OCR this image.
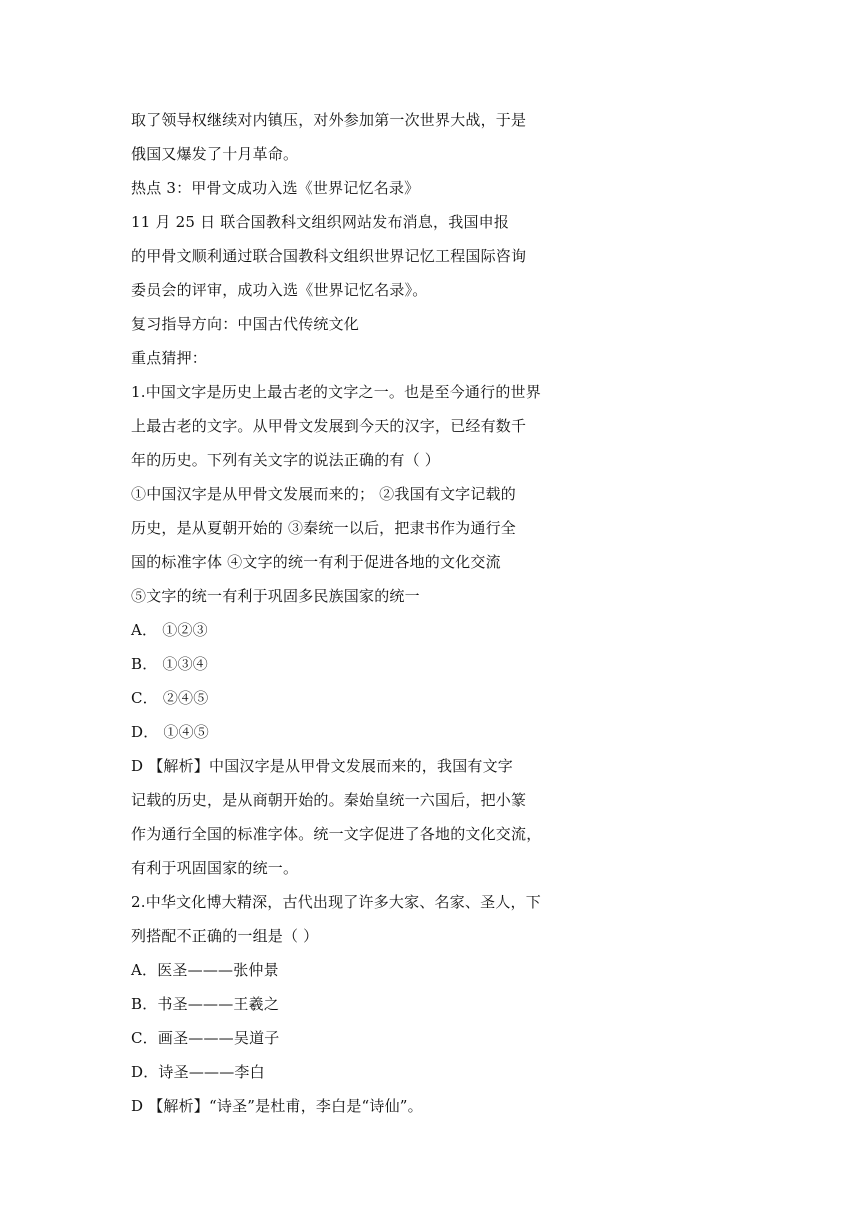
取了领导权继续对内镇压，对外参加第一次世界大战，于是
俄国又爆发了十月革命。
热点 3：甲骨文成功入选《世界记忆名录》
11 月 25 日 联合国教科文组织网站发布消息，我国申报
的甲骨文顺利通过联合国教科文组织世界记忆工程国际咨询
委员会的评审，成功入选《世界记忆名录》。
复习指导方向：中国古代传统文化
重点猜押：
1.中国文字是历史上最古老的文字之一。也是至今通行的世界
上最古老的文字。从甲骨文发展到今天的汉字，已经有数千
年的历史。下列有关文字的说法正确的有（ ）
①中国汉字是从甲骨文发展而来的； ②我国有文字记载的
历史，是从夏朝开始的 ③秦统一以后，把隶书作为通行全
国的标准字体 ④文字的统一有利于促进各地的文化交流
⑤文字的统一有利于巩固多民族国家的统一
A． ①②③
B． ①③④
C． ②④⑤
D． ①④⑤
D 【解析】中国汉字是从甲骨文发展而来的，我国有文字
记载的历史，是从商朝开始的。秦始皇统一六国后，把小篆
作为通行全国的标准字体。统一文字促进了各地的文化交流，
有利于巩固国家的统一。
2.中华文化博大精深，古代出现了许多大家、名家、圣人，下
列搭配不正确的一组是（ ）
A．医圣———张仲景
B．书圣———王羲之
C．画圣———吴道子
D．诗圣———李白
D 【解析】“诗圣”是杜甫，李白是“诗仙”。
